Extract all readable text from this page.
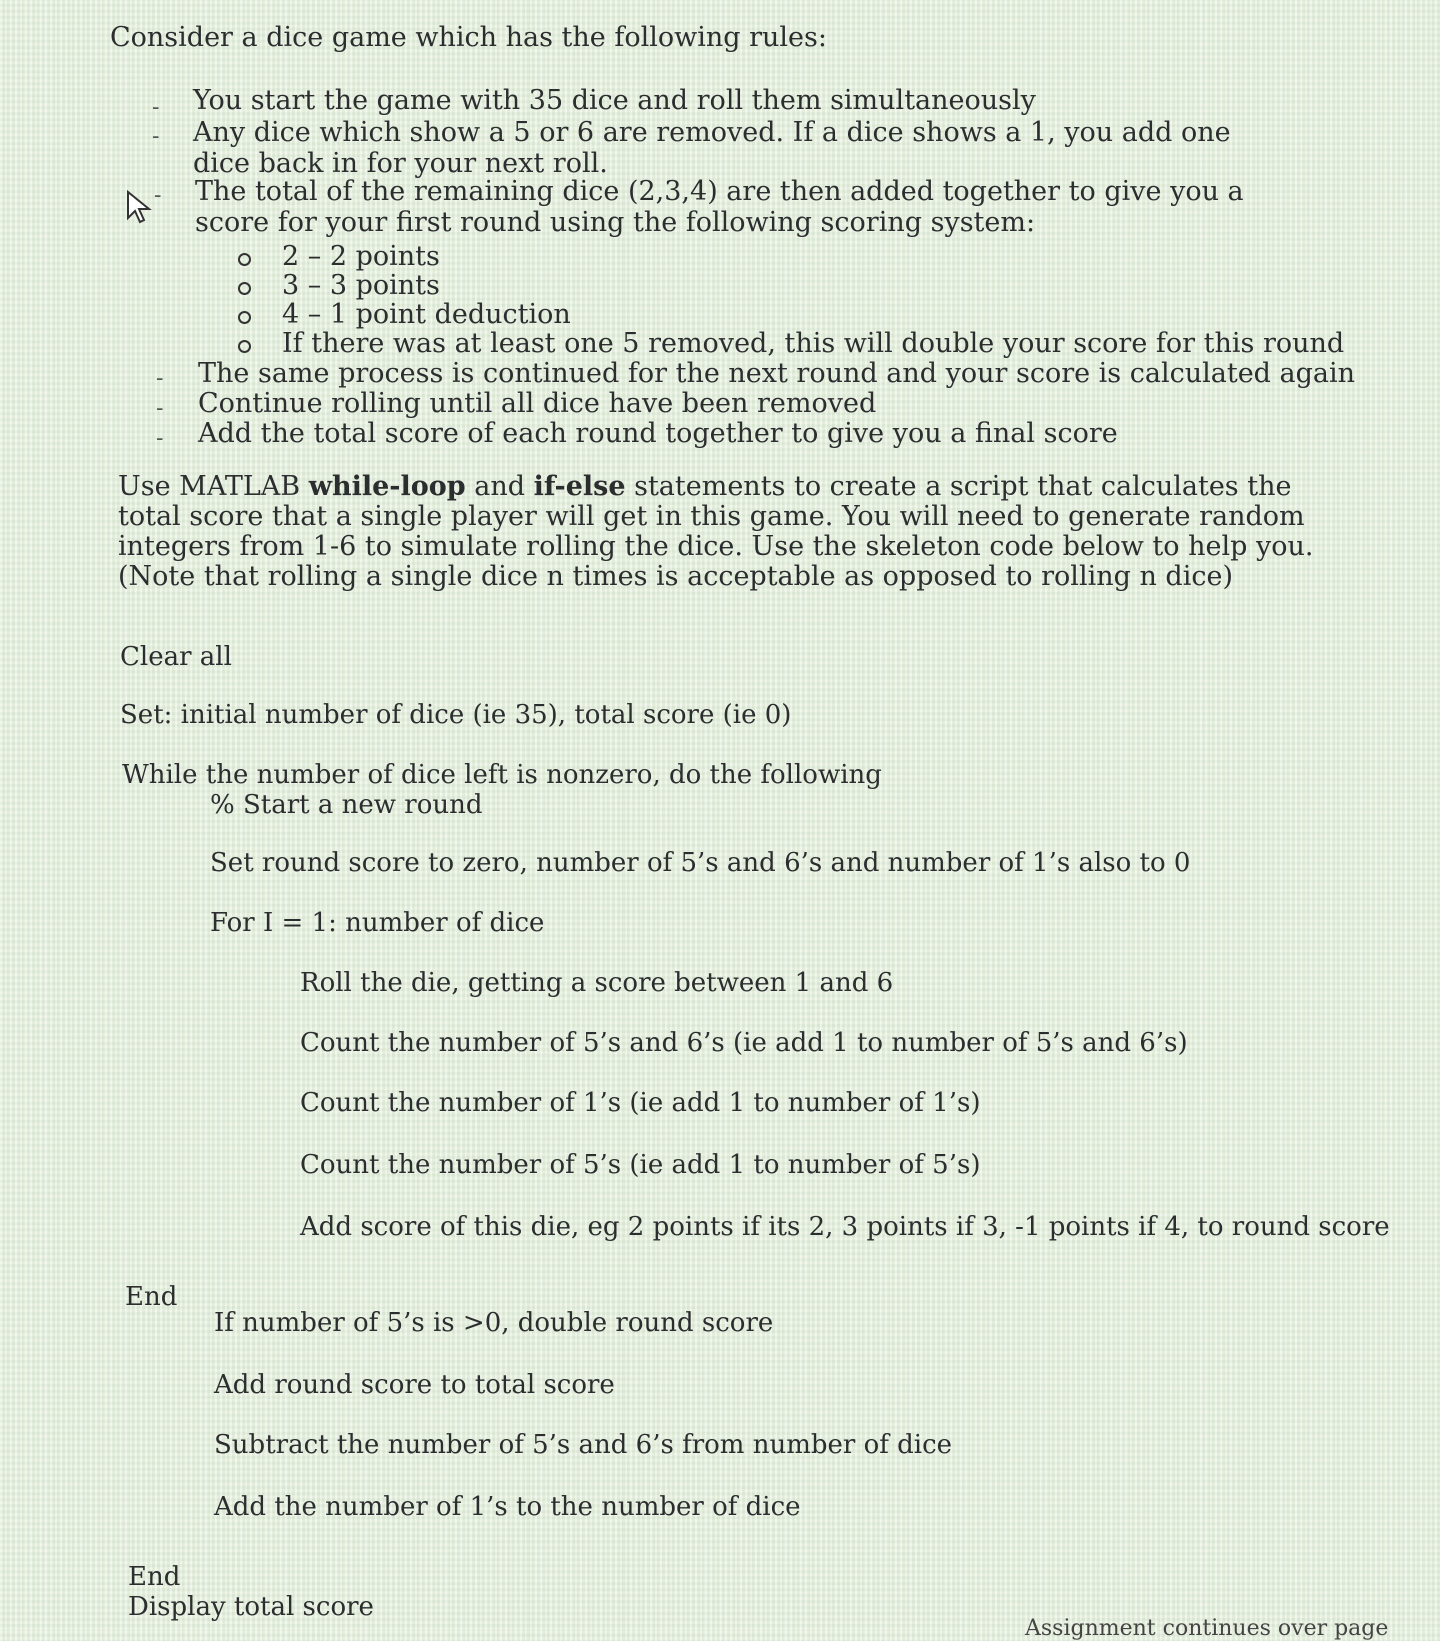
Consider a dice game which has the following rules:
- You start the game with 35 dice and roll them simultaneously
- Any dice which show a 5 or 6 are removed. If a dice shows a 1, you add one dice back in for your next roll.
- The total of the remaining dice (2,3,4) are then added together to give you a score for your first round using the following scoring system:
2 – 2 points
3 – 3 points
4 – 1 point deduction
If there was at least one 5 removed, this will double your score for this round
- The same process is continued for the next round and your score is calculated again
- Continue rolling until all dice have been removed
- Add the total score of each round together to give you a final score
Use MATLAB while-loop and if-else statements to create a script that calculates the total score that a single player will get in this game. You will need to generate random integers from 1-6 to simulate rolling the dice. Use the skeleton code below to help you. (Note that rolling a single dice n times is acceptable as opposed to rolling n dice)
Clear all
Set: initial number of dice (ie 35), total score (ie 0)
While the number of dice left is nonzero, do the following
% Start a new round
Set round score to zero, number of 5’s and 6’s and number of 1’s also to 0
For I = 1: number of dice
Roll the die, getting a score between 1 and 6
Count the number of 5’s and 6’s (ie add 1 to number of 5’s and 6’s)
Count the number of 1’s (ie add 1 to number of 1’s)
Count the number of 5’s (ie add 1 to number of 5’s)
Add score of this die, eg 2 points if its 2, 3 points if 3, -1 points if 4, to round score
End
If number of 5’s is >0, double round score
Add round score to total score
Subtract the number of 5’s and 6’s from number of dice
Add the number of 1’s to the number of dice
End
Display total score
Assignment continues over page
